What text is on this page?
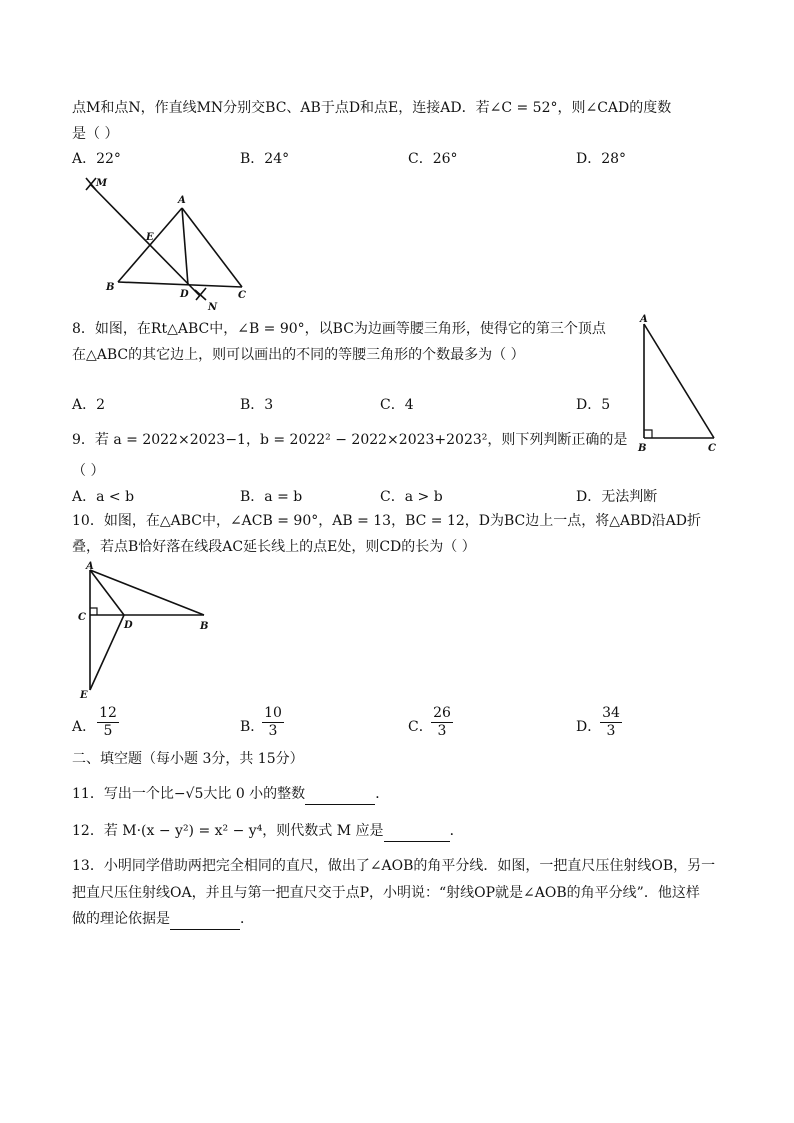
点M和点N，作直线MN分别交BC、AB于点D和点E，连接AD．若∠C = 52°，则∠CAD的度数
是（ ）
A．22°	B．24°	C．26°	D．28°
M
N
A
E
B
D	C
8．如图，在Rt△ABC中，∠B = 90°，以BC为边画等腰三角形，使得它的第三个顶点
在△ABC的其它边上，则可以画出的不同的等腰三角形的个数最多为（ ）
A．2	B．3	C．4	D．5
A
B	C
9．若 a = 2022×2023−1，b = 2022² − 2022×2023+2023²，则下列判断正确的是
（ ）
A．a < b	B．a = b	C．a > b	D．无法判断
10．如图，在△ABC中，∠ACB = 90°，AB = 13，BC = 12，D为BC边上一点，将△ABD沿AD折
叠，若点B恰好落在线段AC延长线上的点E处，则CD的长为（ ）
A
C
D	B
E
A． $\frac{12}{5}$	B．
$\frac{10}{3}$	C．
$\frac{26}{3}$	D．
$\frac{34}{3}$
二、填空题（每小题 3分，共 15分）
11．写出一个比−√5大比 0 小的整数	．
12．若 M·(x − y²) = x² − y⁴，则代数式 M 应是	．
13．小明同学借助两把完全相同的直尺，做出了∠AOB的角平分线．如图，一把直尺压住射线OB，另一
把直尺压住射线OA，并且与第一把直尺交于点P，小明说：“射线OP就是∠AOB的角平分线”．他这样
做的理论依据是	．
